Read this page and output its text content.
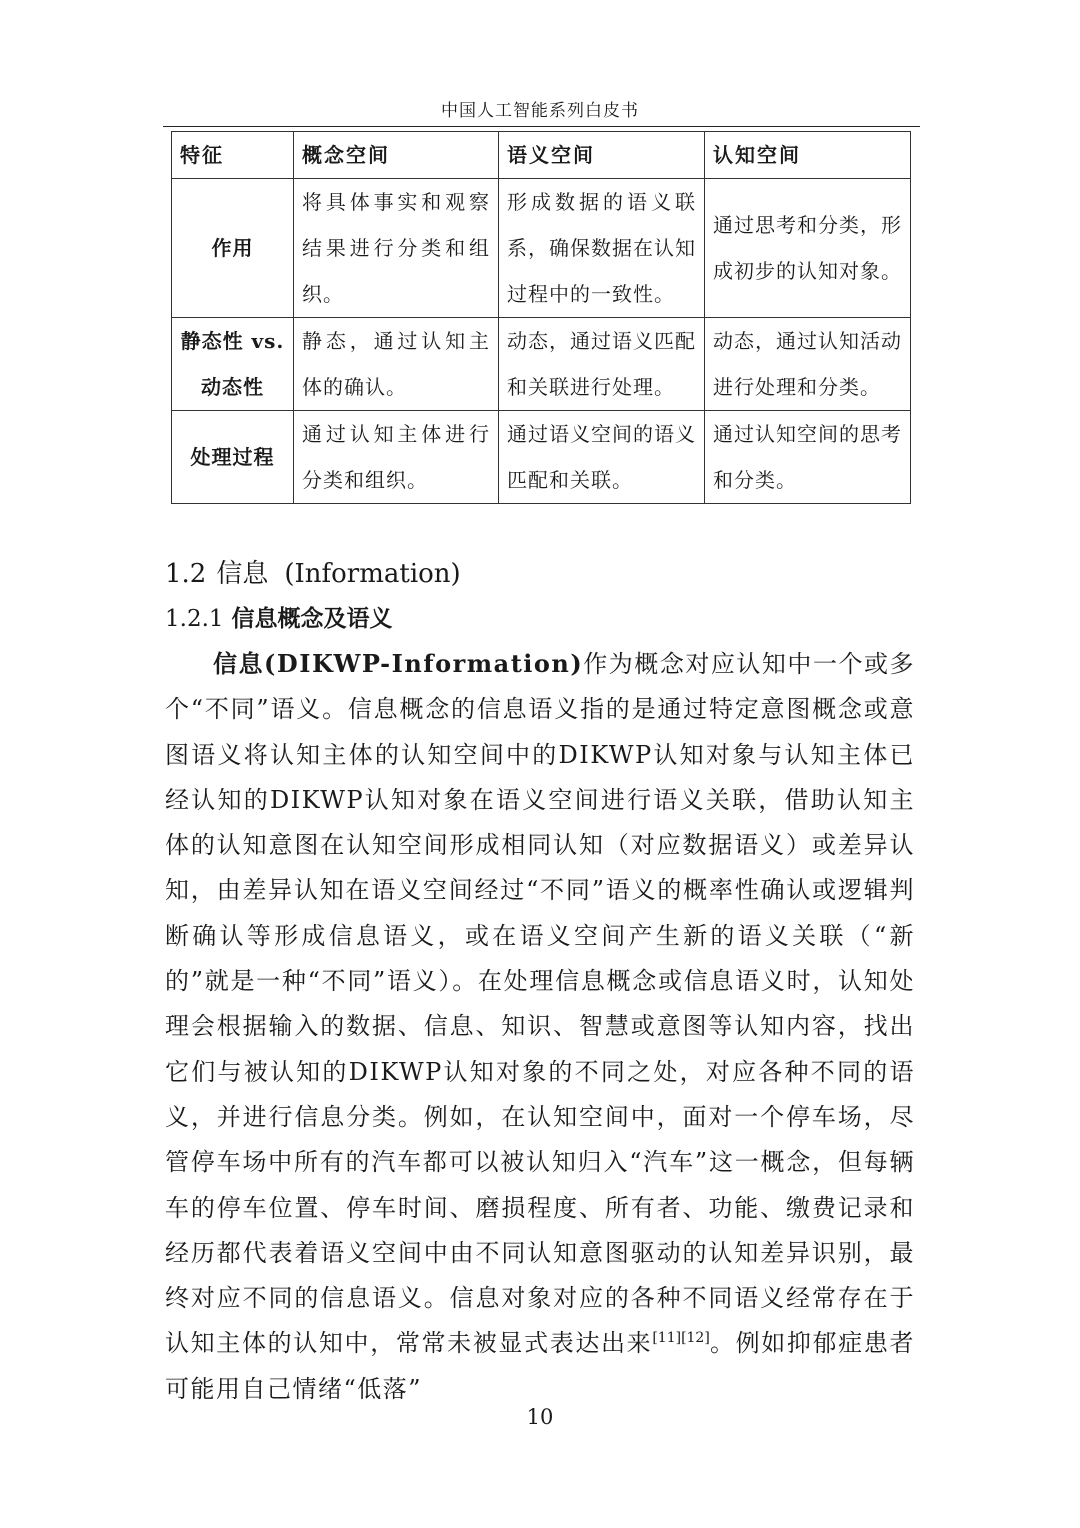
中国人工智能系列白皮书
特征	概念空间	语义空间	认知空间
作用	将具体事实和观察结果进行分类和组织。	形成数据的语义联系，确保数据在认知过程中的一致性。	通过思考和分类，形成初步的认知对象。
静态性 vs. 动态性	静态，通过认知主体的确认。	动态，通过语义匹配和关联进行处理。	动态，通过认知活动进行处理和分类。
处理过程	通过认知主体进行分类和组织。	通过语义空间的语义匹配和关联。	通过认知空间的思考和分类。
1.2 信息 (Information)
1.2.1 信息概念及语义

信息(DIKWP-Information)作为概念对应认知中一个或多个“不同”语义。信息概念的信息语义指的是通过特定意图概念或意图语义将认知主体的认知空间中的DIKWP认知对象与认知主体已经认知的DIKWP认知对象在语义空间进行语义关联，借助认知主体的认知意图在认知空间形成相同认知（对应数据语义）或差异认知，由差异认知在语义空间经过“不同”语义的概率性确认或逻辑判断确认等形成信息语义，或在语义空间产生新的语义关联（“新的”就是一种“不同”语义）。在处理信息概念或信息语义时，认知处理会根据输入的数据、信息、知识、智慧或意图等认知内容，找出它们与被认知的DIKWP认知对象的不同之处，对应各种不同的语义，并进行信息分类。例如，在认知空间中，面对一个停车场，尽管停车场中所有的汽车都可以被认知归入“汽车”这一概念，但每辆车的停车位置、停车时间、磨损程度、所有者、功能、缴费记录和经历都代表着语义空间中由不同认知意图驱动的认知差异识别，最终对应不同的信息语义。信息对象对应的各种不同语义经常存在于认知主体的认知中，常常未被显式表达出来[11][12]。例如抑郁症患者可能用自己情绪“低落”

10
